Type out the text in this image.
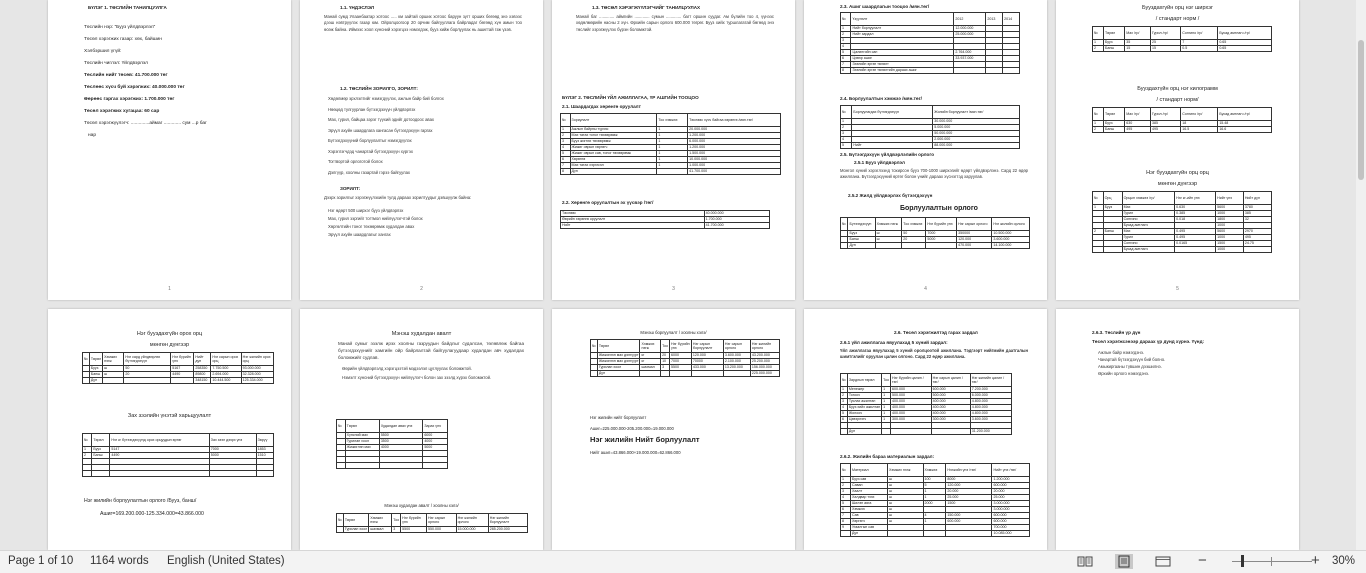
БҮЛЭГ 1. ТӨСЛИЙН ТАНИЛЦУУЛГА
Төслийн нэр: “Бууз үйлдвэрлэл”
Төсөл хэрэгжих газар: хөх, байшин
Хэлбэршил үгүй:
Төслийн чиглэл: Үйлдвэрлэл
Төслийн нийт төсөв: 41.700.000 төг
Төслөөс хүсч буй хэрэгжих: 40.000.000 төг
Өөрөөс гаргах хэрэгжих: 1.700.000 төг
Төсөл хэрэгжих хугацаа: 60 сар
Төсөл хэрэгжүүлэгч: ..............аймаг ............. сум ...р баг
нар
1
1.1. ҮНДЭСЛЭЛ
Манай сумд Улаанбаатар хотоос ..... км зайтай орших хотоос баруун зүгт орших бөгөөд энэ хэвээс дээш нэвтрүүлэх газар юм. Ойролцоогоор 20 орчим байгууллага байрладаг бөгөөд хүн амын тоо өсөж байна. Иймээс хоол хүнсний хэрэгцээ нэмэгдэж, бууз хийж борлуулах нь ашигтай гэж үзэв.
1.2. ТӨСЛИЙН ЗОРИЛГО, ЗОРИЛТ:
Хөдөлмөр эрхлэлтийг нэмэгдүүлэх, ажлын байр бий болгох
Нөөцөд тулгуурлан бүтээгдэхүүн үйлдвэрлэх
Мах, гурил, байцаа зэрэг түүхий эдийг дотоодоос авах
Эрүүл ахуйн шаардлага хангасан бүтээгдэхүүн гаргах
Бүтээгдэхүүний борлуулалтыг нэмэгдүүлэх
Хэрэглэгчдэд чанартай бүтээгдэхүүн хүргэх
Тогтвортой орлоготой болох
Дэлгүүр, хоолны газартай гэрээ байгуулах
ЗОРИЛТ:
Дээрх зорилгыг хэрэгжүүлэхийн тулд дараах зорилтуудыг дэвшүүлж байна:
Нэг өдөрт 500 ширхэг бууз үйлдвэрлэх
Мах, гурил зэргийг тогтмол нийлүүлэгчтэй болох
Хөргөлтийн тоног төхөөрөмж худалдан авах
Эрүүл ахуйн шаардлагыг хангах
2
1.3. ТӨСӨЛ ХЭРЭГЖҮҮЛЭГЧИЙГ ТАНИЛЦУУЛАХ
Манай баг ............. аймгийн ............. сумын ............. багт оршин суудаг. Ам бүлийн тоо 4, үүнээс хөдөлмөрийн насны 2 хүн. Өрхийн сарын орлого 600.000 төгрөг. Бууз хийх туршлагатай бөгөөд энэ төслийг хэрэгжүүлэх бүрэн боломжтой.
БҮЛЭГ 2. ТӨСЛИЙН ҮЙЛ АЖИЛЛАГАА, ҮР АШГИЙН ТООЦОО
2.1. Шаардагдах хөрөнгө оруулалт
№	Зориулалт	Тоо хэмжээ	Төслөөс хүсч байгаа хөрөнгө /мян.төг/
1	Ажлын байрны түрээс	1	20.000.000
2	Мах татах тоног төхөөрөмж	1	1.200.000
3	Бууз жигнэх төхөөрөмж	1	6.000.000
4	Жижиг оврын хөргөгч	1	1.200.000
5	Жижиг оврын сав, тоног төхөөрөмж	1	1.500.000
6	Хөрөнгө	1	10.000.000
7	Мах татах хэрэгсэл	1	1.000.000
8	Дүн		41.700.000
2.2. Хөрөнгө оруулалтын эх үүсвэр /төг/
Төслөөс	40.000.000
Өөрийн хөрөнгө оруулалт	1.700.000
Нийт	41.700.000
3
2.3. Ашиг шаардлагын тооцоо /мян.төг/
№	Үзүүлэлт	2012	2013	2014
1	Нийт борлуулалт	12.000.000		
2	Нийт зардал	25.000.000		
3				
4				
5	Цалингийн сан	2.764.000		
6	Цэвэр ашиг	33.937.000		
7	Зээлийн эргэн төлөлт			
8	Зээлийн эргэн төлөлтийн дараах ашиг			
2.4. Борлуулалтын хэмжээ /мян.төг/
№	Борлуулагдах бүтээгдэхүүн	Жилийн борлуулалт /мян.төг/
1		30.000.000
2		5.000.000
3		50.000.000
4		2.000.000
5	Нийт	88.000.000
2.5. Бүтээгдэхүүн үйлдвэрлэлийн орлого
2.5.1 Бууз үйлдвэрлэл
Монгол хүний хэрэглээнд тохирсон бууз 700-1000 ширхэгийг өдөрт үйлдвэрлэнэ. Сард 22 өдөр ажиллана. Бүтээгдэхүүний өртөг болон үнийг дараах хүснэгтэд харуулав.
2.5.2 Жилд үйлдвэрлэх бүтээгдэхүүн
Борлуулалтын орлого
№	Бүтээгдэхүүн	Хэмжих нэгж	Тоо хэмжээ	Нэг бүрийн үнэ	Нэг сарын орлого	Нэг жилийн орлого
	Бууз	ш	50	7000	350000	10.500.000
	Банш	ш	20	5000	120.000	3.600.000
	Дүн				470.000	14.100.000
4
Бууздахгүйн орц нэг ширхэг
/ стандарт норм /
№	Төрөл	Мах /гр/	Гурил /гр/	Сонгино /гр/	Бусад амтлагч /гр/
1	Бууз	35	25	7	0.65
2	Банш	15	15	0.5	0.65
Бууздахгүйн орц нэг килограмм
/ стандарт норм/
№	Төрөл	Мах /гр/	Гурил /гр/	Сонгино /гр/	Бусад амтлагч /гр/
1	Бууз	630	385	18	15.48
2	Банш	495	495	16.5	16.6
Нэг бууздахгүйн орц орц
мөнгөн дүнгээр
№	Орц	Орцын хэмжээ /гр/	Нэг кг-ийн үнэ	Нийт үнэ	Нийт дүн
1	Бууз	Мах	0.630	5600	3780
		Гурил	0.385	1000	385
		Сонгино	0.018	1800	32
		Бусад амтлагч		1000	
2	Банш	Мах	0.495	5600	2970
		Гурил	0.495	1000	495
		Сонгино	0.0165	1500	24.75
		Бусад амтлагч		1000	
5
Нэг бууздахгүйн орох орц
мөнгөн дүнгээр
№	Төрөл	Хэмжих нэгж	Нэг сард үйлдвэрлэх бүтээгдэхүүн	Нэг бүрийн үнэ	Нийт дүн	Нэг сарын орох орц	Нэг жилийн орох орц
	Бууз	ш	50	5167	258350	7.750.500	93.000.000
	Банш	ш	20	4490	89800	2.694.000	32.328.000
	Дүн				348150	10.444.500	125.334.000
Зах зээлийн үнэтэй харьцуулалт
№	Төрөл	Нэг кг бүтээгдэхүүнд орох орцуудын өртөг	Зах зээл дээрх үнэ	Зөрүү
1	Бууз	5147	7000	1853
2	Банш	4490	5000	1510

Нэг жилийн борлуулалтын орлого /Бууз, банш/
Ашиг=169.200.000-125.334.000=43.866.000
Мэнэш худалдан авалт
Манай сумыг эзэлж ирэх хоолны газруудын байдлыг судалсан, төлөвлөж байгаа бүтээгдэхүүнийг хамгийн ойр байрлалтай байгуулагуудаар худалдан авч худалдах боломжийг судлав.
Өөрийн үйлдвэрлэлд хэрэгцээтэй мэдээлэл цуглуулах боломжтой.
Нэмэлт хүнсний бүтээгдэхүүн нийлүүлэгч болон зах зээлд хүрэх боломжтой.
№	Төрөл	Худалдан авах үнэ	Зарах үнэ
	Хүнсний мах	5500	6000
	Гурилан хоол	3500	4000
	Жижиглэн мах	4000	5000

Мэнэш худалдан авалт / хоолны хэлэ/
№	Төрөл	Хэмжих нэгж	Тоо	Нэг бүрийн үнэ	Нэг сарын орлого	Нэг жилийн орлого	Нэг жилийн борлуулалт
	Гурилан хоол	шахмал	3	5500	550.000	15.000.000	285.200.000
Мэнэш борлуулалт / хоолны хэлэ/
№	Төрөл	Хэмжих нэгж	Тоо	Нэг бүрийн үнэ	Нэг сарын борлуулалт	Нэг сарын орлого	Нэг жилийн орлого
	Жижиглэн мах дэлгүүрт	кг	20	6000	120.000	3.600.000	43.200.000
	Жижиглэн мах дэлгүүрт	кг	10	7000	70000	2.100.000	25.200.000
	Гурилан хоол	шахмал	3	5500	433.000	13.200.000	156.000.000
	Дүн						225.000.000
Нэг жилийн нийт борлуулалт
Ашиг=225.000.000-205.200.000=19.000.000
Нэг жилийн Нийт борлуулалт
Нийт ашиг=43.866.000+19.000.000=62.866.000
2.6. Төсөл хэрэгжилтэд гарах зардал
2.6.1 үйл ажиллагаа явуулахад 5 хүний зардал:
Үйл ажиллагаа явуулахад 5 хүний оролцоотой ажиллана. Тэдгээрт нийгмийн даатгалын шимтгэлийг оруулан цалин олгоно. Сард 22 өдөр ажиллана.
№	Зардлын төрөл	Тоо	Нэг бүрийн цалин /төг/	Нэг сарын цалин /төг/	Нэг жилийн цалин /төг/
1	Менежер	1	600.000	600.000	7.200.000
2	Тогооч	1	500.000	500.000	6.000.000
3	Туслах ажилтан	1	400.000	400.000	4.800.000
4	Бууз хийх ажилтан	1	400.000	400.000	4.800.000
5	Жолооч	1	400.000	400.000	4.800.000
6	Цэвэрлэгч	1	300.000	300.000	3.600.000

	Дүн				31.200.000
2.6.2. Жилийн бараа материалын зардал:
№	Материал	Хэмжих нэгж	Хэмжээ	Нэгжийн үнэ /төг/	Нийт үнэ /төг/
1	Бууз сав	ш	100	8000	1.200.000
2	Саван	ш	5	120.000	600.000
3	Хаалт	ш	1	20.000	20.000
4	Халдвар тээх	ш	1	25.000	25.000
5	Шилэн аяга	ш	2000	1500	3.000.000
6	Хэмжээ	ш			3.000.000
7	Сав	ш	4	150.000	600.000
8	Хөргөгч	ш	1	600.000	600.000
9	Угаалгын сав				700.000
	Дүн				10.085.000
2.6.3. Төслийн үр дүн
Төсөл хэрэгжсэнээр дараах үр дүнд хүрнэ. Үүнд:
Ажлын байр нэмэгдэнэ.
Чанартай бүтээгдэхүүн бий болно.
Амьжиргааны түвшин дээшилнэ.
Өрхийн орлого нэмэгдэнэ.
Page 1 of 10 1164 words English (United States)	−	+ 30%
